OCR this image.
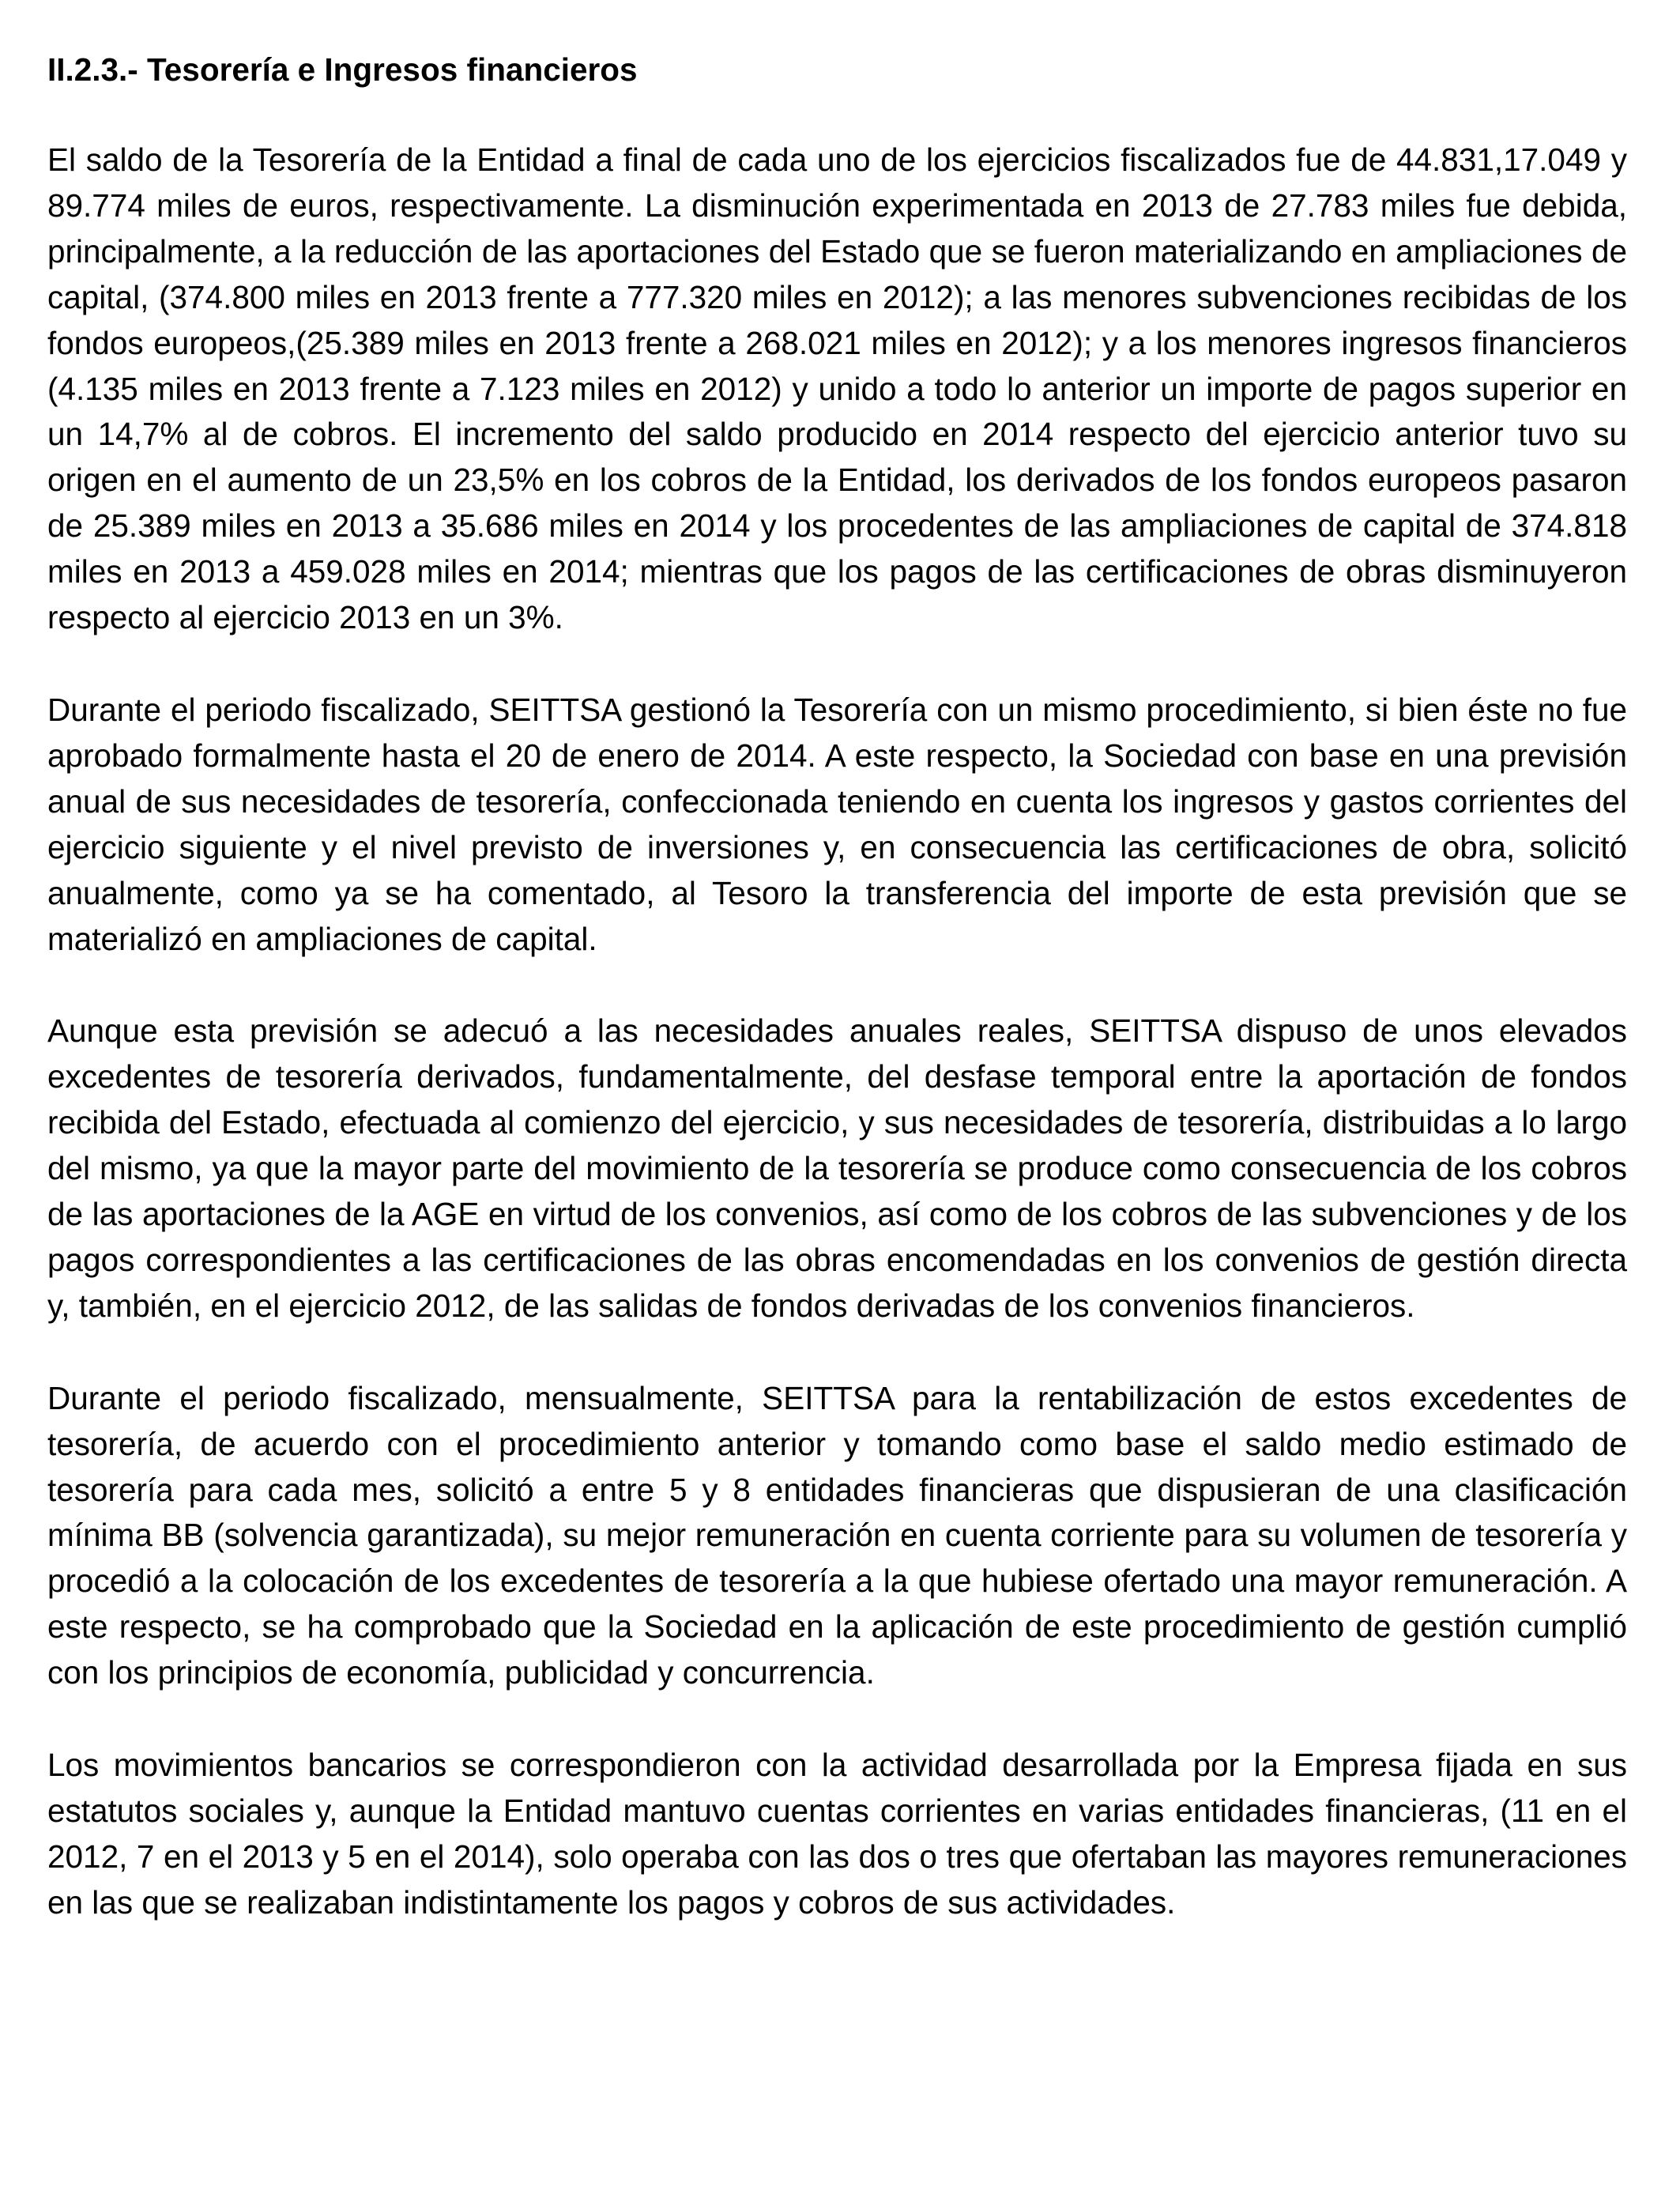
II.2.3.- Tesorería e Ingresos financieros

El saldo de la Tesorería de la Entidad a final de cada uno de los ejercicios fiscalizados fue de 44.831,17.049 y 89.774 miles de euros, respectivamente. La disminución experimentada en 2013 de 27.783 miles fue debida, principalmente, a la reducción de las aportaciones del Estado que se fueron materializando en ampliaciones de capital, (374.800 miles en 2013 frente a 777.320 miles en 2012); a las menores subvenciones recibidas de los fondos europeos,(25.389 miles en 2013 frente a 268.021 miles en 2012); y a los menores ingresos financieros (4.135 miles en 2013 frente a 7.123 miles en 2012) y unido a todo lo anterior un importe de pagos superior en un 14,7% al de cobros. El incremento del saldo producido en 2014 respecto del ejercicio anterior tuvo su origen en el aumento de un 23,5% en los cobros de la Entidad, los derivados de los fondos europeos pasaron de 25.389 miles en 2013 a 35.686 miles en 2014 y los procedentes de las ampliaciones de capital de 374.818 miles en 2013 a 459.028 miles en 2014; mientras que los pagos de las certificaciones de obras disminuyeron respecto al ejercicio 2013 en un 3%.

Durante el periodo fiscalizado, SEITTSA gestionó la Tesorería con un mismo procedimiento, si bien éste no fue aprobado formalmente hasta el 20 de enero de 2014. A este respecto, la Sociedad con base en una previsión anual de sus necesidades de tesorería, confeccionada teniendo en cuenta los ingresos y gastos corrientes del ejercicio siguiente y el nivel previsto de inversiones y, en consecuencia las certificaciones de obra, solicitó anualmente, como ya se ha comentado, al Tesoro la transferencia del importe de esta previsión que se materializó en ampliaciones de capital.

Aunque esta previsión se adecuó a las necesidades anuales reales, SEITTSA dispuso de unos elevados excedentes de tesorería derivados, fundamentalmente, del desfase temporal entre la aportación de fondos recibida del Estado, efectuada al comienzo del ejercicio, y sus necesidades de tesorería, distribuidas a lo largo del mismo, ya que la mayor parte del movimiento de la tesorería se produce como consecuencia de los cobros de las aportaciones de la AGE en virtud de los convenios, así como de los cobros de las subvenciones y de los pagos correspondientes a las certificaciones de las obras encomendadas en los convenios de gestión directa y, también, en el ejercicio 2012, de las salidas de fondos derivadas de los convenios financieros.

Durante el periodo fiscalizado, mensualmente, SEITTSA para la rentabilización de estos excedentes de tesorería, de acuerdo con el procedimiento anterior y tomando como base el saldo medio estimado de tesorería para cada mes, solicitó a entre 5 y 8 entidades financieras que dispusieran de una clasificación mínima BB (solvencia garantizada), su mejor remuneración en cuenta corriente para su volumen de tesorería y procedió a la colocación de los excedentes de tesorería a la que hubiese ofertado una mayor remuneración. A este respecto, se ha comprobado que la Sociedad en la aplicación de este procedimiento de gestión cumplió con los principios de economía, publicidad y concurrencia.

Los movimientos bancarios se correspondieron con la actividad desarrollada por la Empresa fijada en sus estatutos sociales y, aunque la Entidad mantuvo cuentas corrientes en varias entidades financieras, (11 en el 2012, 7 en el 2013 y 5 en el 2014), solo operaba con las dos o tres que ofertaban las mayores remuneraciones en las que se realizaban indistintamente los pagos y cobros de sus actividades.
